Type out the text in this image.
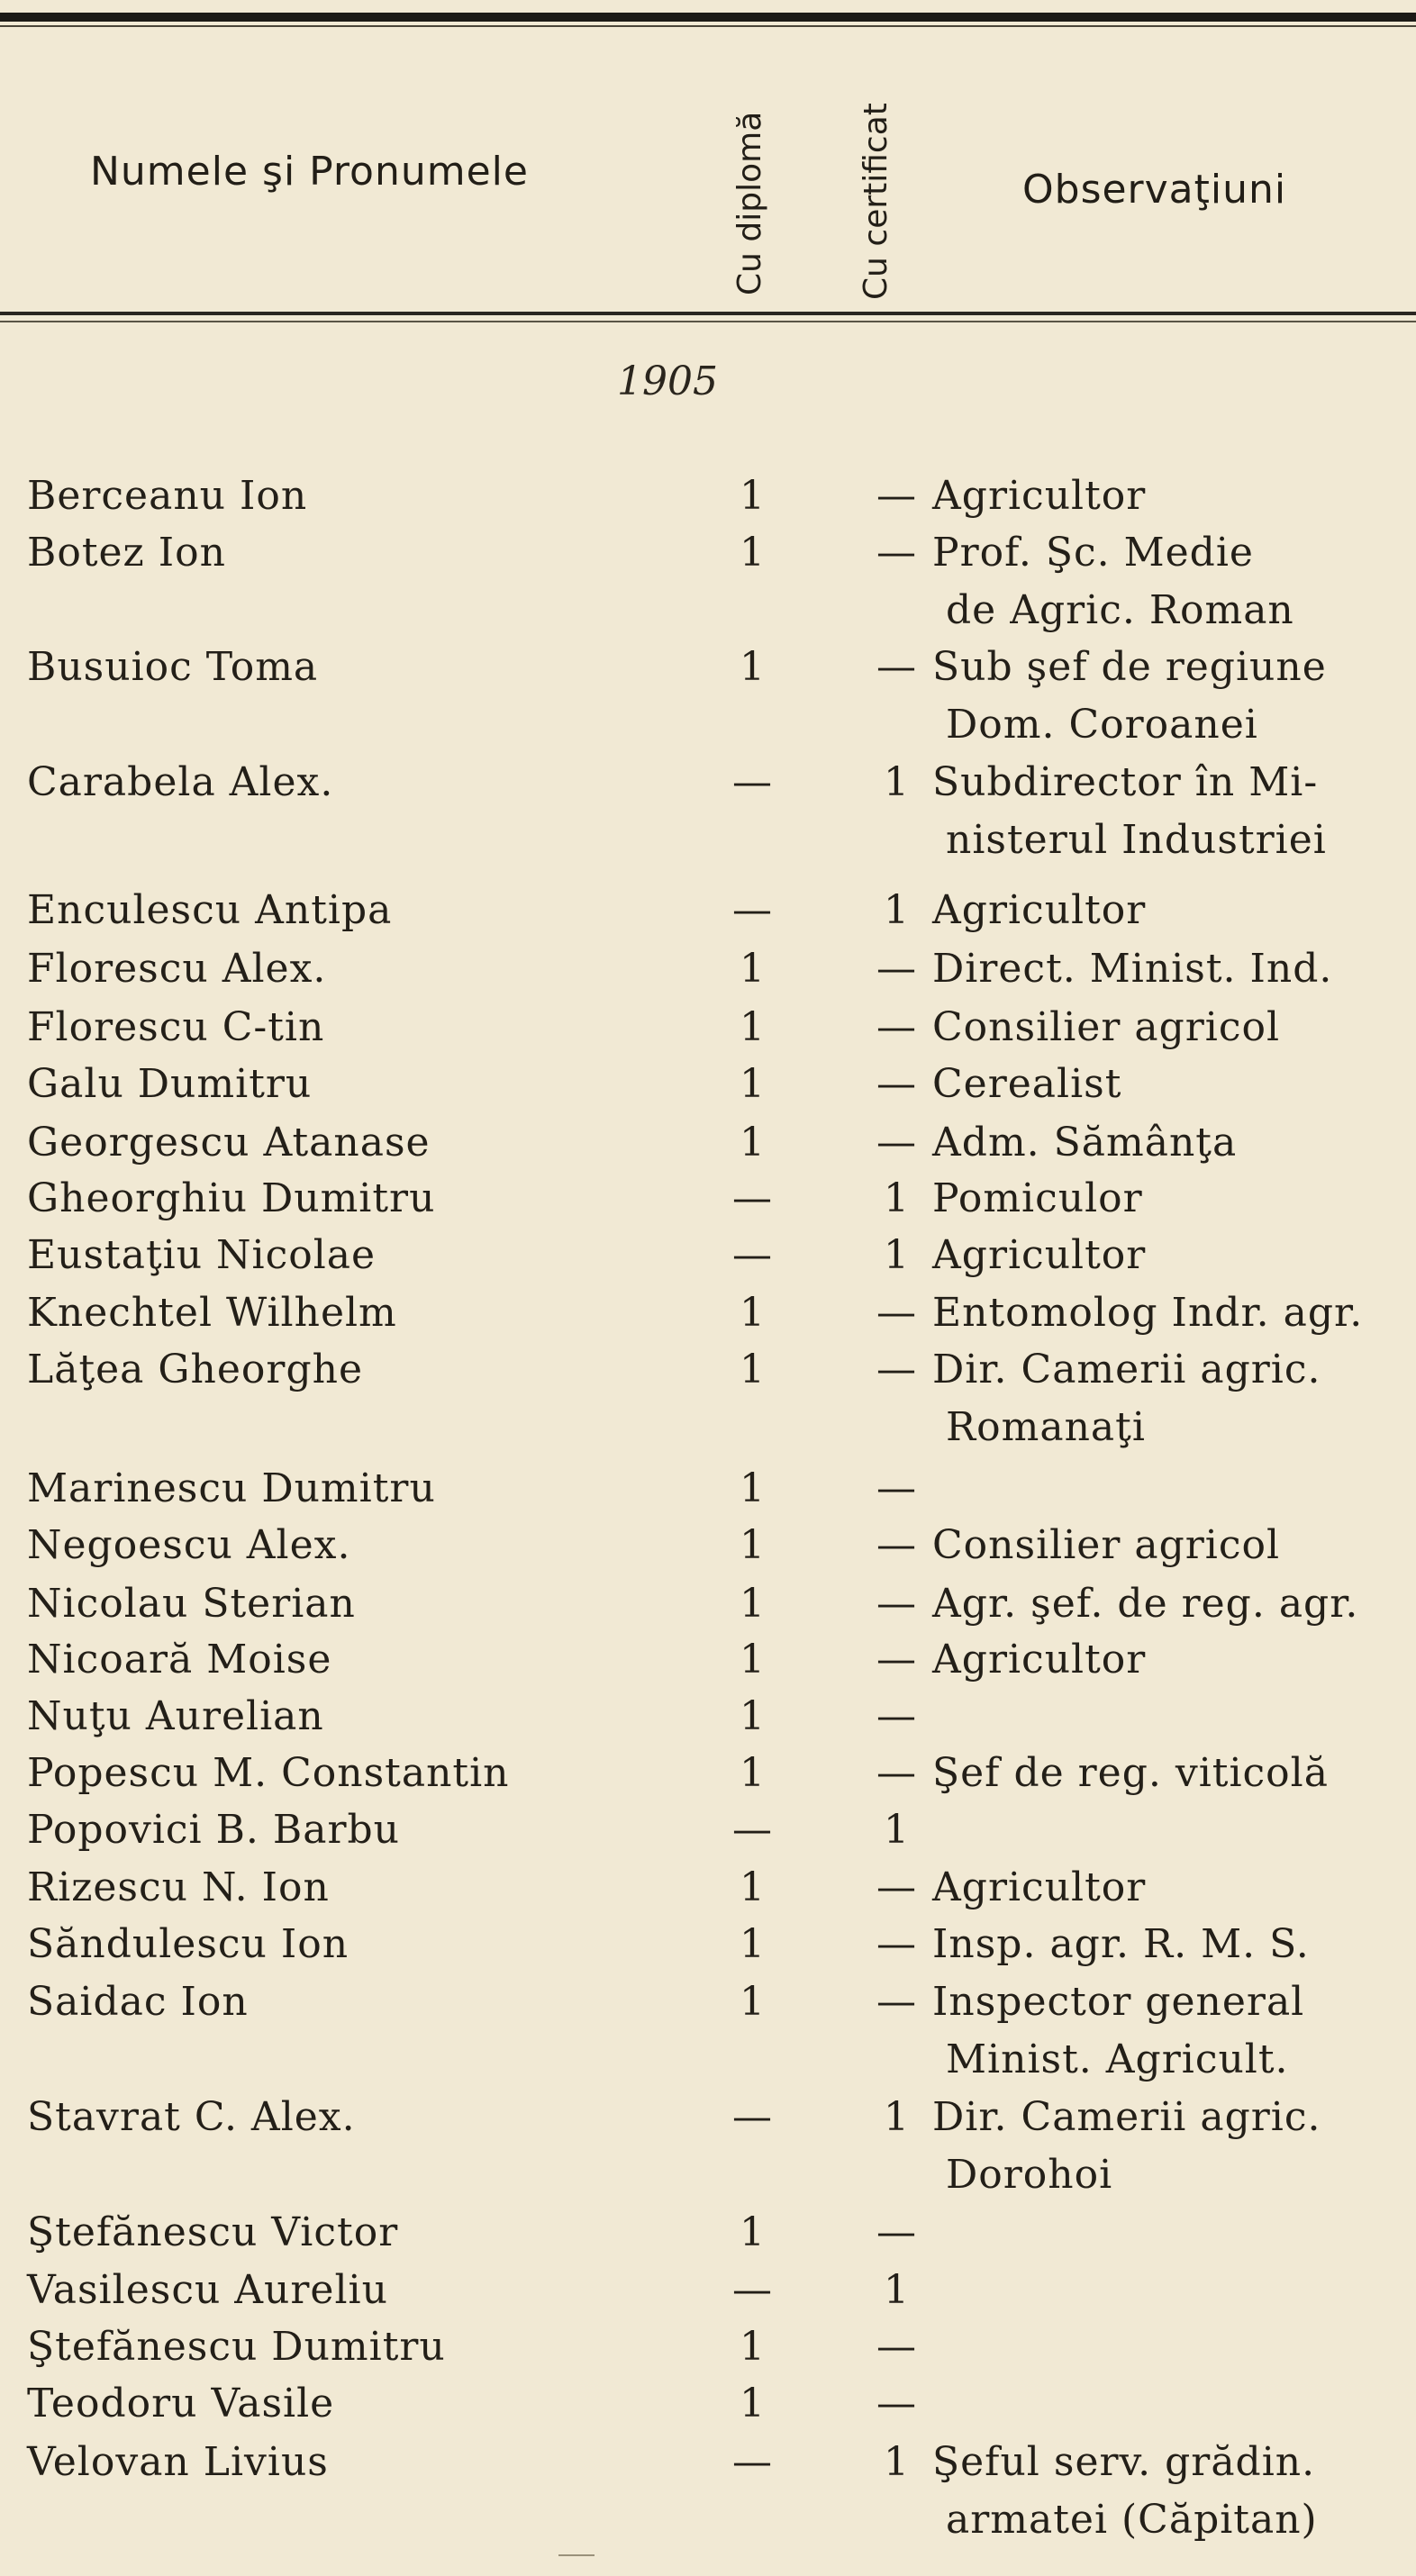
Numele şi Pronumele	Cu diplomă	Cu certificat	Observaţiuni
1905
Berceanu Ion	1	— Agricultor
Botez Ion	1	— Prof. Şc. Medie
de Agric. Roman
Busuioc Toma	1	— Sub şef de regiune
Dom. Coroanei
Carabela Alex.	—	1 Subdirector în Mi-
nisterul Industriei
Enculescu Antipa	—	1 Agricultor
Florescu Alex.	1	— Direct. Minist. Ind.
Florescu C-tin	1	— Consilier agricol
Galu Dumitru	1	— Cerealist
Georgescu Atanase	1	— Adm. Sămânţa
Gheorghiu Dumitru	—	1 Pomiculor
Eustaţiu Nicolae	—	1 Agricultor
Knechtel Wilhelm	1	— Entomolog Indr. agr.
Lăţea Gheorghe	1	— Dir. Camerii agric.
Romanaţi
Marinescu Dumitru	1	—
Negoescu Alex.	1	— Consilier agricol
Nicolau Sterian	1	— Agr. şef. de reg. agr.
Nicoară Moise	1	— Agricultor
Nuţu Aurelian	1	—
Popescu M. Constantin	1	— Şef de reg. viticolă
Popovici B. Barbu	—	1
Rizescu N. Ion	1	— Agricultor
Săndulescu Ion	1	— Insp. agr. R. M. S.
Saidac Ion	1	— Inspector general
Minist. Agricult.
Stavrat C. Alex.	—	1 Dir. Camerii agric.
Dorohoi
Ştefănescu Victor	1	—
Vasilescu Aureliu	—	1
Ştefănescu Dumitru	1	—
Teodoru Vasile	1	—
Velovan Livius	—	1 Şeful serv. grădin.
armatei (Căpitan)
